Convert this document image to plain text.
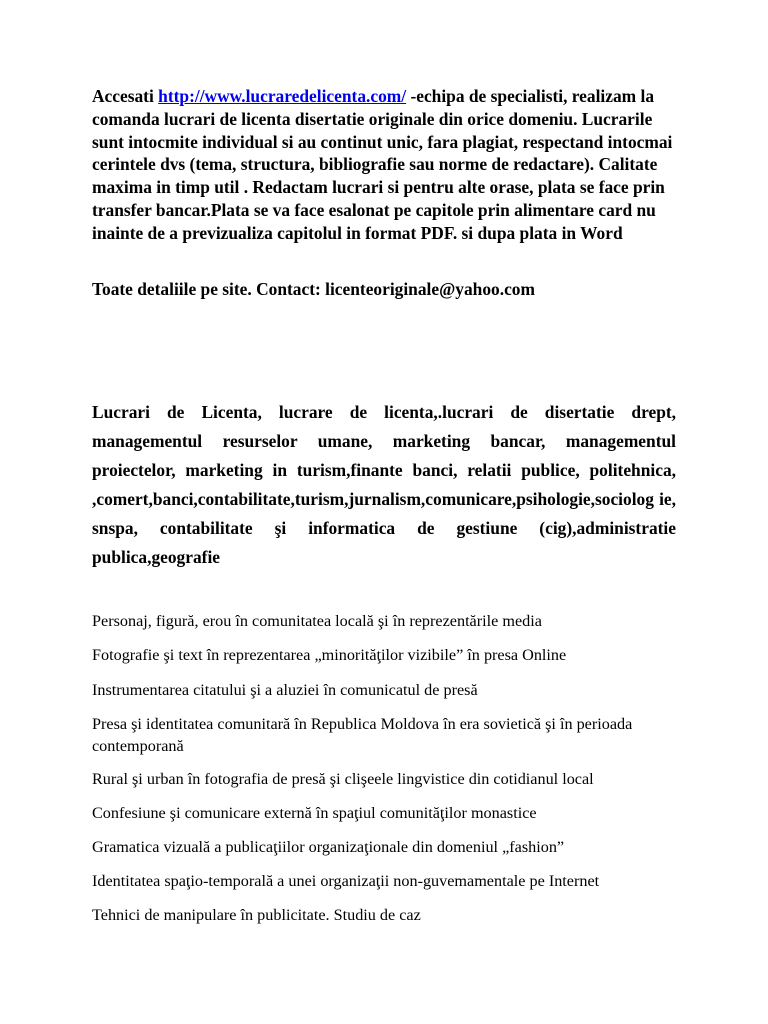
Accesati http://www.lucraredelicenta.com/ -echipa de specialisti, realizam la comanda lucrari de licenta disertatie originale din orice domeniu. Lucrarile sunt intocmite individual si au continut unic, fara plagiat, respectand intocmai cerintele dvs (tema, structura, bibliografie sau norme de redactare). Calitate maxima in timp util . Redactam lucrari si pentru alte orase, plata se face prin transfer bancar.Plata se va face esalonat pe capitole prin alimentare card nu inainte de a previzualiza capitolul in format PDF. si dupa plata in Word

Toate detaliile pe site. Contact: licenteoriginale@yahoo.com

Lucrari de Licenta, lucrare de licenta,.lucrari de disertatie drept, managementul resurselor umane, marketing bancar, managementul proiectelor, marketing in turism,finante banci, relatii publice, politehnica, ,comert,banci,contabilitate,turism,jurnalism,comunicare,psihologie,sociolog ie, snspa, contabilitate şi informatica de gestiune (cig),administratie publica,geografie

Personaj, figură, erou în comunitatea locală şi în reprezentările media
Fotografie şi text în reprezentarea „minorităţilor vizibile” în presa Online
Instrumentarea citatului şi a aluziei în comunicatul de presă
Presa şi identitatea comunitară în Republica Moldova în era sovietică şi în perioada contemporană
Rural şi urban în fotografia de presă şi clişeele lingvistice din cotidianul local
Confesiune şi comunicare externă în spaţiul comunităţilor monastice
Gramatica vizuală a publicaţiilor organizaţionale din domeniul „fashion”
Identitatea spaţio-temporală a unei organizaţii non-guvemamentale pe Internet
Tehnici de manipulare în publicitate. Studiu de caz
